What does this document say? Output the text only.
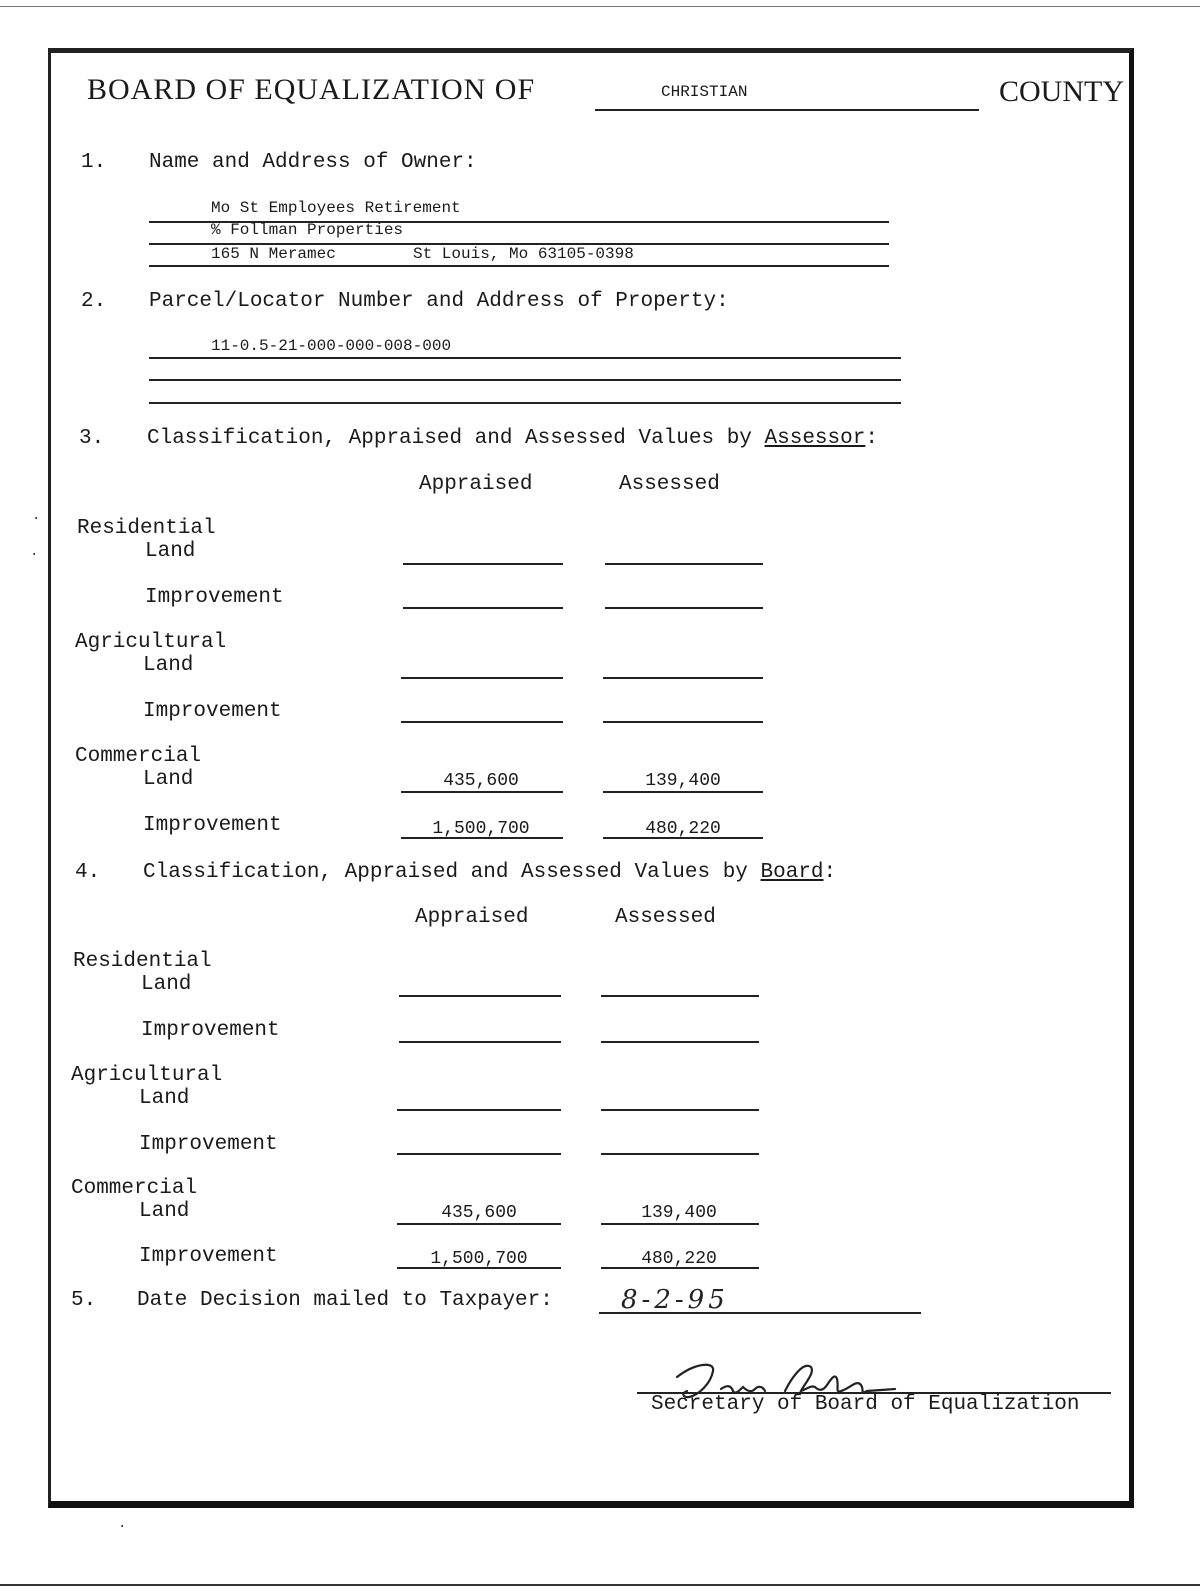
·
·
·
BOARD OF EQUALIZATION OF	CHRISTIAN	COUNTY
1. Name and Address of Owner:
Mo St Employees Retirement
% Follman Properties
165 N Meramec	St Louis, Mo 63105-0398
2. Parcel/Locator Number and Address of Property:
11-0.5-21-000-000-008-000
3. Classification, Appraised and Assessed Values by Assessor:
Appraised	Assessed
Residential
Land
Improvement
Agricultural
Land
Improvement
Commercial
Land	435,600	139,400
Improvement	1,500,700	480,220
4. Classification, Appraised and Assessed Values by Board:
Appraised	Assessed
Residential
Land
Improvement
Agricultural
Land
Improvement
Commercial
Land	435,600	139,400
Improvement	1,500,700	480,220
5. Date Decision mailed to Taxpayer:	8-2-95
Secretary of Board of Equalization
